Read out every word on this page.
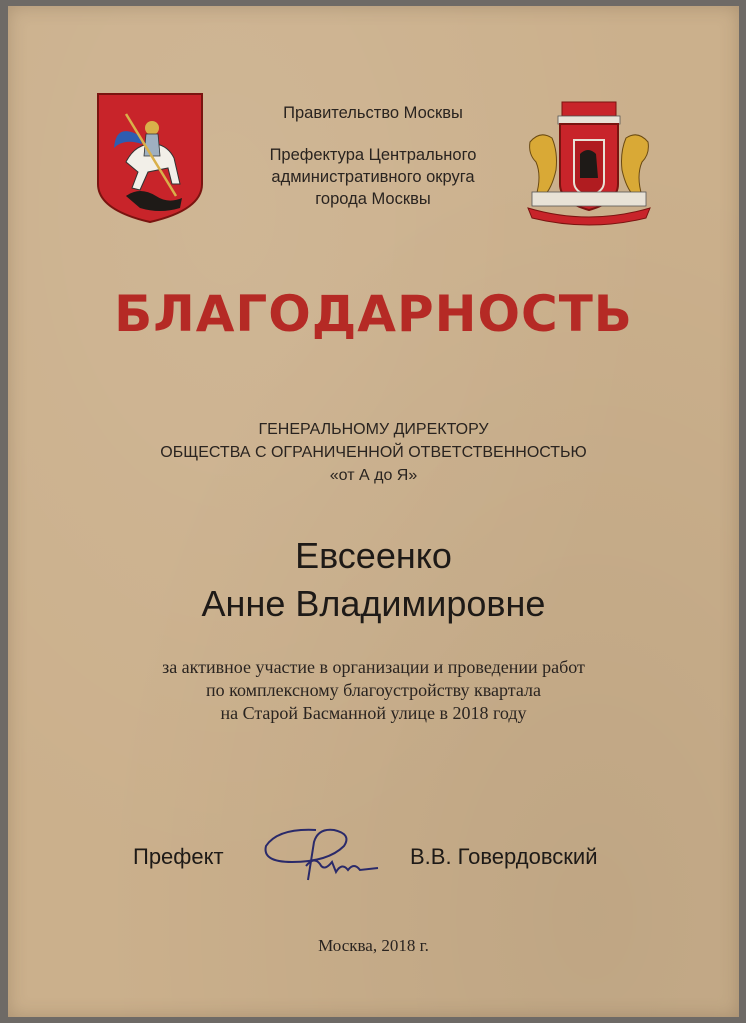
Правительство Москвы
Префектура Центрального
административного округа
города Москвы
БЛАГОДАРНОСТЬ
ГЕНЕРАЛЬНОМУ ДИРЕКТОРУ
ОБЩЕСТВА С ОГРАНИЧЕННОЙ ОТВЕТСТВЕННОСТЬЮ
«от А до Я»
Евсеенко
Анне Владимировне
за активное участие в организации и проведении работ
по комплексному благоустройству квартала
на Старой Басманной улице в 2018 году
Префект	В.В. Говердовский
Москва, 2018 г.
